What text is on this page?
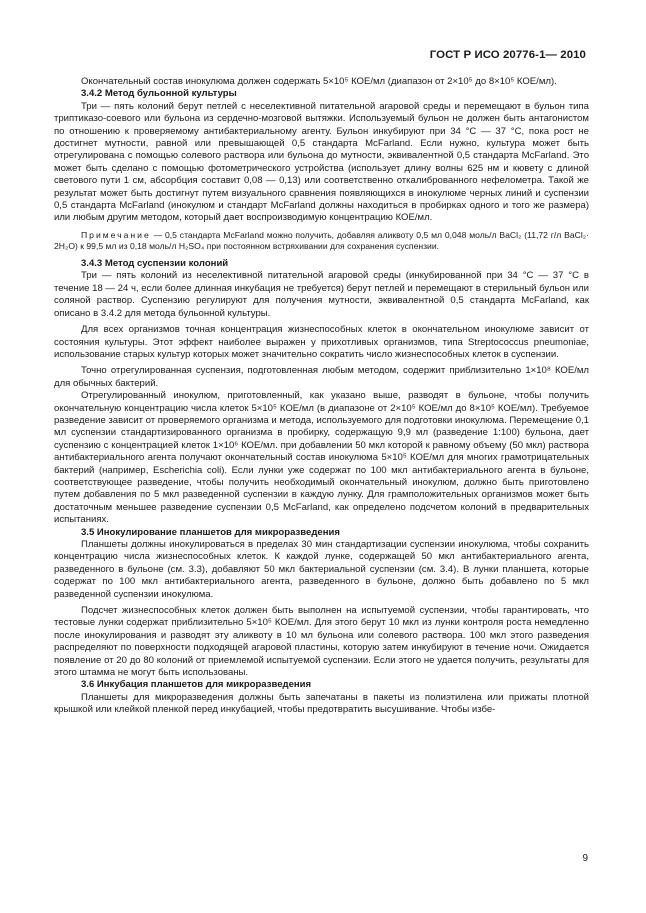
ГОСТ Р ИСО 20776-1— 2010

Окончательный состав инокулюма должен содержать 5×10⁵ КОЕ/мл (диапазон от 2×10⁵ до 8×10⁵ КОЕ/мл).

3.4.2 Метод бульонной культуры

Три — пять колоний берут петлей с неселективной питательной агаровой среды и перемещают в бульон типа триптиказо-соевого или бульона из сердечно-мозговой вытяжки. Используемый бульон не должен быть антагонистом по отношению к проверяемому антибактериальному агенту. Бульон инкубируют при 34 °C — 37 °C, пока рост не достигнет мутности, равной или превышающей 0,5 стандарта McFarland. Если нужно, культура может быть отрегулирована с помощью солевого раствора или бульона до мутности, эквивалентной 0,5 стандарта McFarland. Это может быть сделано с помощью фотометрического устройства (использует длину волны 625 нм и кювету с длиной светового пути 1 см, абсорбция составит 0,08 — 0,13) или соответственно откалиброванного нефелометра. Такой же результат может быть достигнут путем визуального сравнения появляющихся в инокулюме черных линий и суспензии 0,5 стандарта McFarland (инокулюм и стандарт McFarland должны находиться в пробирках одного и того же размера) или любым другим методом, который дает воспроизводимую концентрацию КОЕ/мл.

Примечание — 0,5 стандарта McFarland можно получить, добавляя аликвоту 0,5 мл 0,048 моль/л BaCl₂ (11,72 г/л BaCl₂· 2H₂O) к 99,5 мл из 0,18 моль/л H₂SO₄ при постоянном встряхивании для сохранения суспензии.

3.4.3 Метод суспензии колоний

Три — пять колоний из неселективной питательной агаровой среды (инкубированной при 34 °C — 37 °C в течение 18 — 24 ч, если более длинная инкубация не требуется) берут петлей и перемещают в стерильный бульон или соляной раствор. Суспензию регулируют для получения мутности, эквивалентной 0,5 стандарта McFarland, как описано в 3.4.2 для метода бульонной культуры.

Для всех организмов точная концентрация жизнеспособных клеток в окончательном инокулюме зависит от состояния культуры. Этот эффект наиболее выражен у прихотливых организмов, типа Streptococcus pneumoniae, использование старых культур которых может значительно сократить число жизнеспособных клеток в суспензии.

Точно отрегулированная суспензия, подготовленная любым методом, содержит приблизительно 1×10⁸ КОЕ/мл для обычных бактерий.

Отрегулированный инокулюм, приготовленный, как указано выше, разводят в бульоне, чтобы получить окончательную концентрацию числа клеток 5×10⁵ КОЕ/мл (в диапазоне от 2×10⁵ КОЕ/мл до 8×10⁵ КОЕ/мл). Требуемое разведение зависит от проверяемого организма и метода, используемого для подготовки инокулюма. Перемещение 0,1 мл суспензии стандартизированного организма в пробирку, содержащую 9,9 мл (разведение 1:100) бульона, дает суспензию с концентрацией клеток 1×10⁶ КОЕ/мл. при добавлении 50 мкл которой к равному объему (50 мкл) раствора антибактериального агента получают окончательный состав инокулюма 5×10⁵ КОЕ/мл для многих грамотрицательных бактерий (например, Escherichia coli). Если лунки уже содержат по 100 мкл антибактериального агента в бульоне, соответствующее разведение, чтобы получить необходимый окончательный инокулюм, должно быть приготовлено путем добавления по 5 мкл разведенной суспензии в каждую лунку. Для грамположительных организмов может быть достаточным меньшее разведение суспензии 0,5 McFarland, как определено подсчетом колоний в предварительных испытаниях.

3.5 Инокулирование планшетов для микроразведения

Планшеты должны инокулироваться в пределах 30 мин стандартизации суспензии инокулюма, чтобы сохранить концентрацию числа жизнеспособных клеток. К каждой лунке, содержащей 50 мкл антибактериального агента, разведенного в бульоне (см. 3.3), добавляют 50 мкл бактериальной суспензии (см. 3.4). В лунки планшета, которые содержат по 100 мкл антибактериального агента, разведенного в бульоне, должно быть добавлено по 5 мкл разведенной суспензии инокулюма.

Подсчет жизнеспособных клеток должен быть выполнен на испытуемой суспензии, чтобы гарантировать, что тестовые лунки содержат приблизительно 5×10⁵ КОЕ/мл. Для этого берут 10 мкл из лунки контроля роста немедленно после инокулирования и разводят эту аликвоту в 10 мл бульона или солевого раствора. 100 мкл этого разведения распределяют по поверхности подходящей агаровой пластины, которую затем инкубируют в течение ночи. Ожидается появление от 20 до 80 колоний от приемлемой испытуемой суспензии. Если этого не удается получить, результаты для этого штамма не могут быть использованы.

3.6 Инкубация планшетов для микроразведения

Планшеты для микроразведения должны быть запечатаны в пакеты из полиэтилена или прижаты плотной крышкой или клейкой пленкой перед инкубацией, чтобы предотвратить высушивание. Чтобы избе-

9
